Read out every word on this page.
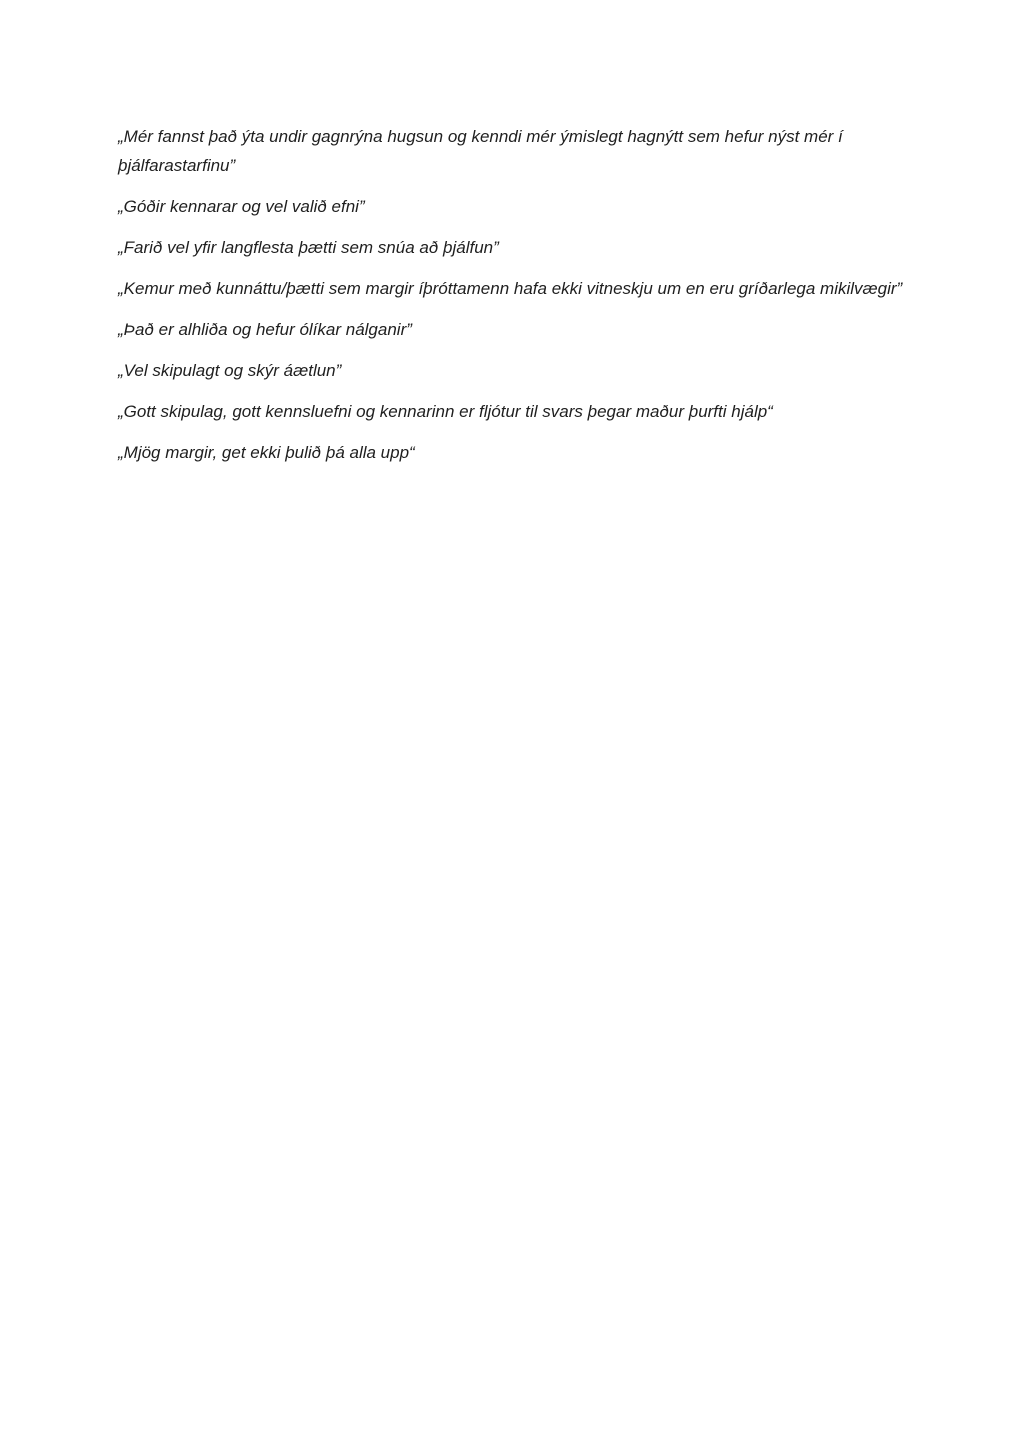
„Mér fannst það ýta undir gagnrýna hugsun og kenndi mér ýmislegt hagnýtt sem hefur nýst mér í þjálfarastarfinu”

„Góðir kennarar og vel valið efni”

„Farið vel yfir langflesta þætti sem snúa að þjálfun”

„Kemur með kunnáttu/þætti sem margir íþróttamenn hafa ekki vitneskju um en eru gríðarlega mikilvægir”

„Það er alhliða og hefur ólíkar nálganir”

„Vel skipulagt og skýr áætlun”

„Gott skipulag, gott kennsluefni og kennarinn er fljótur til svars þegar maður þurfti hjálp“

„Mjög margir, get ekki þulið þá alla upp“
